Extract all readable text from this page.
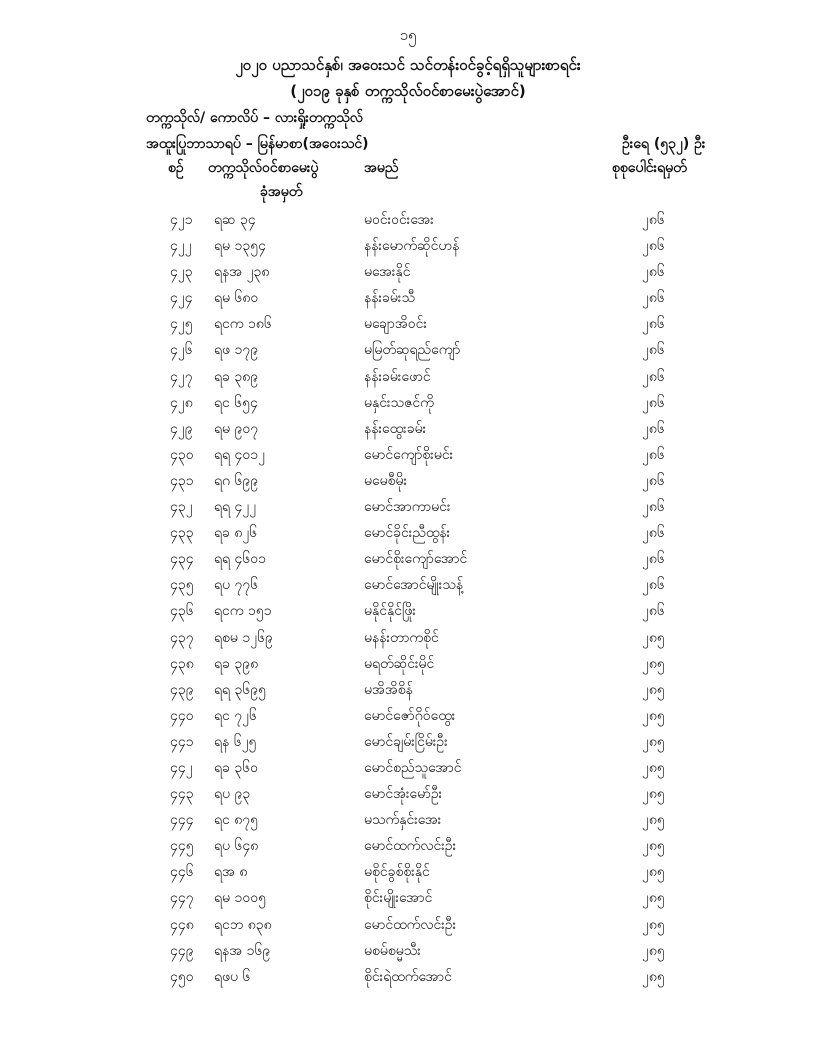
၁၅
၂၀၂၀ ပညာသင်နှစ်၊ အဝေးသင် သင်တန်းဝင်ခွင့်ရရှိသူများစာရင်း
(၂၀၁၉ ခုနှစ် တက္ကသိုလ်ဝင်စာမေးပွဲအောင်)
တက္ကသိုလ်/ ကောလိပ် – လားရှိုးတက္ကသိုလ်
အထူးပြုဘာသာရပ် – မြန်မာစာ(အဝေးသင်)	ဦးရေ (၅၃၂) ဦး
စဉ် တက္ကသိုလ်ဝင်စာမေးပွဲ
ခုံအမှတ်
အမည်	စုစုပေါင်းရမှတ်
၄၂၁ ရဆ ၃၄	မဝင်းဝင်းအေး	၂၈၆
၄၂၂ ရမ ၁၃၅၄	နန်းမောက်ဆိုင်ဟန်	၂၈၆
၄၂၃ ရနအ ၂၃၈	မအေးနိုင်	၂၈၆
၄၂၄ ရမ ၆၈၀	နန်းခမ်းသီ	၂၈၆
၄၂၅ ရငက ၁၈၆	မချောအိဝင်း	၂၈၆
၄၂၆ ရဖ ၁၇၉	မမြတ်ဆုရည်ကျော်	၂၈၆
၄၂၇ ရခ ၃၈၉	နန်းခမ်းဖောင်	၂၈၆
၄၂၈ ရင ၆၅၄	မနှင်းသဇင်ကို	၂၈၆
၄၂၉ ရမ ၉၀၇	နန်းထွေးခမ်း	၂၈၆
၄၃၀ ရရ ၄၀၁၂	မောင်ကျော်စိုးမင်း	၂၈၆
၄၃၁ ရဂ ၆၉၉	မမေစီမိုး	၂၈၆
၄၃၂ ရရ ၄၂၂	မောင်အာကာမင်း	၂၈၆
၄၃၃ ရခ ၈၂၆	မောင်ခိုင်းညီထွန်း	၂၈၆
၄၃၄ ရရ ၄၆၀၁	မောင်စိုးကျော်အောင်	၂၈၆
၄၃၅ ရပ ၇၇၆	မောင်အောင်မျိုးသန့်	၂၈၆
၄၃၆ ရငက ၁၅၁	မနိုင်နိုင်ဖြိုး	၂၈၆
၄၃၇ ရစမ ၁၂၆၉	မနန်းတာကစိုင်	၂၈၅
၄၃၈ ရခ ၃၉၈	မရတ်ဆိုင်းမိုင်	၂၈၅
၄၃၉ ရရ ၃၆၉၅	မအိအိစိန်	၂၈၅
၄၄၀ ရင ၇၂၆	မောင်ဇော်ဂိုဝ်ထွေး	၂၈၅
၄၄၁ ရန ၆၂၅	မောင်ချမ်းငြိမ်းဦး	၂၈၅
၄၄၂ ရခ ၃၆၀	မောင်စည်သူအောင်	၂၈၅
၄၄၃ ရပ ၉၃	မောင်အုံးမော်ဦး	၂၈၅
၄၄၄ ရင ၈၇၅	မသက်နှင်းအေး	၂၈၅
၄၄၅ ရပ ၆၄၈	မောင်ထက်လင်းဦး	၂၈၅
၄၄၆ ရအ ၈	မစိုင်ခွစ်စိုးနိုင်	၂၈၅
၄၄၇ ရမ ၁၀၀၅	စိုင်းမျိုးအောင်	၂၈၅
၄၄၈ ရငဘ ၈၃၈	မောင်ထက်လင်းဦး	၂၈၅
၄၄၉ ရနအ ၁၆၉	မစမ်စမ္မသီး	၂၈၅
၄၅၀ ရဖပ ၆	စိုင်းရဲထက်အောင်	၂၈၅
